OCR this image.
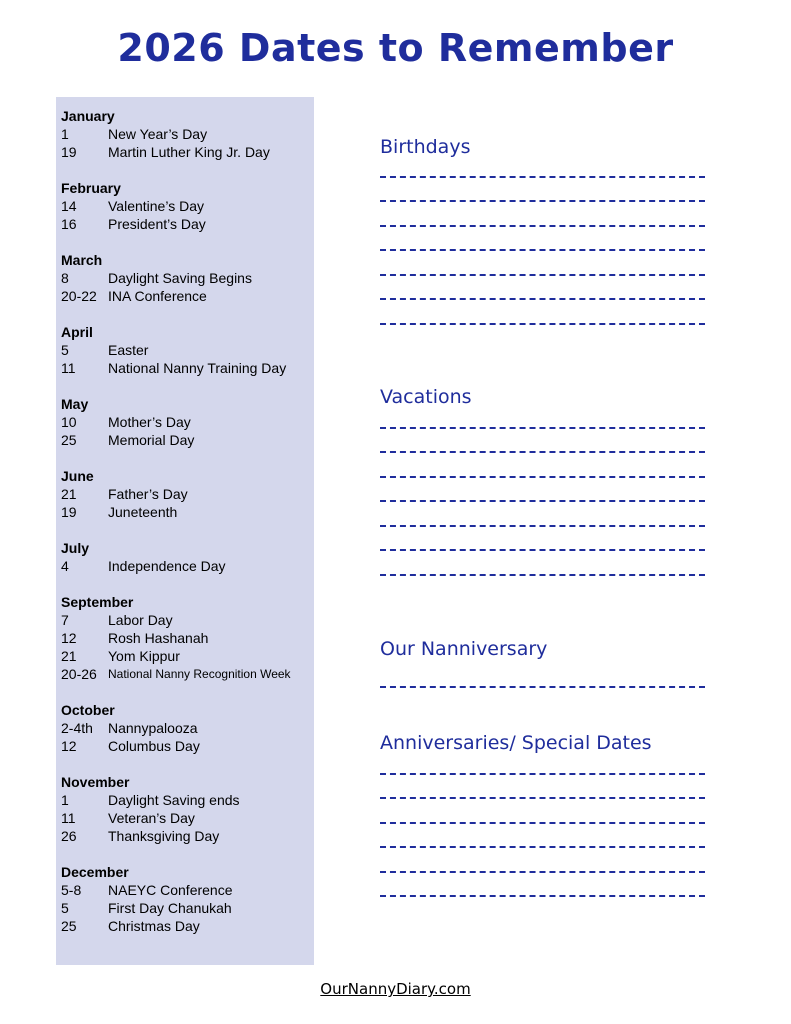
2026 Dates to Remember
January
1	New Year’s Day
19	Martin Luther King Jr. Day
February
14	Valentine’s Day
16	President’s Day
March
8	Daylight Saving Begins
20-22 INA Conference
April
5	Easter
11	National Nanny Training Day
May
10	Mother’s Day
25	Memorial Day
June
21	Father’s Day
19	Juneteenth
July
4	Independence Day
September
7	Labor Day
12	Rosh Hashanah
21	Yom Kippur
20-26 National Nanny Recognition Week
October
2-4th	Nannypalooza
12	Columbus Day
November
1	Daylight Saving ends
11	Veteran’s Day
26	Thanksgiving Day
December
5-8	NAEYC Conference
5	First Day Chanukah
25	Christmas Day
Birthdays
Vacations
Our Nanniversary
Anniversaries/ Special Dates
OurNannyDiary.com
